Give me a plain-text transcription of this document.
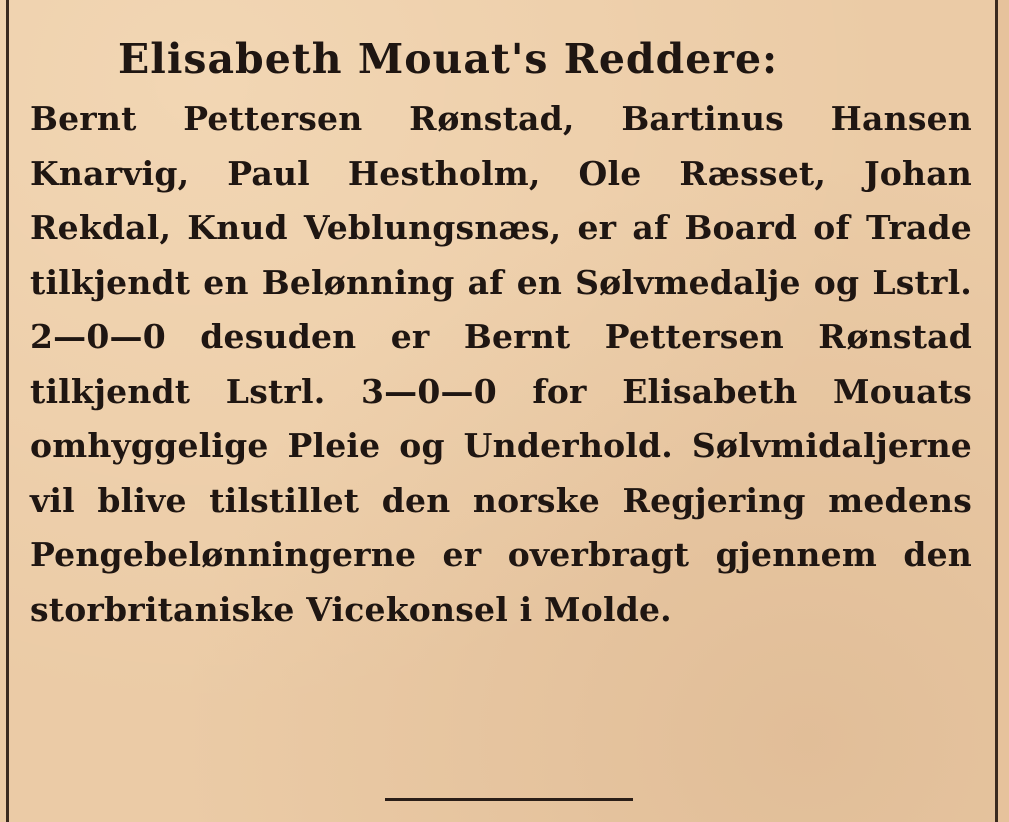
Elisabeth Mouat's Reddere:

Bernt Pettersen Rønstad, Bartinus Hansen Knarvig, Paul Hestholm, Ole Ræsset, Johan Rekdal, Knud Veblungsnæs, er af Board of Trade tilkjendt en Belønning af en Sølvmedalje og Lstrl. 2—0—0 desuden er Bernt Pettersen Rønstad tilkjendt Lstrl. 3—0—0 for Elisabeth Mouats omhyggelige Pleie og Underhold. Sølvmidaljerne vil blive tilstillet den norske Regjering medens Pengebelønningerne er overbragt gjennem den storbritaniske Vicekonsel i Molde.
